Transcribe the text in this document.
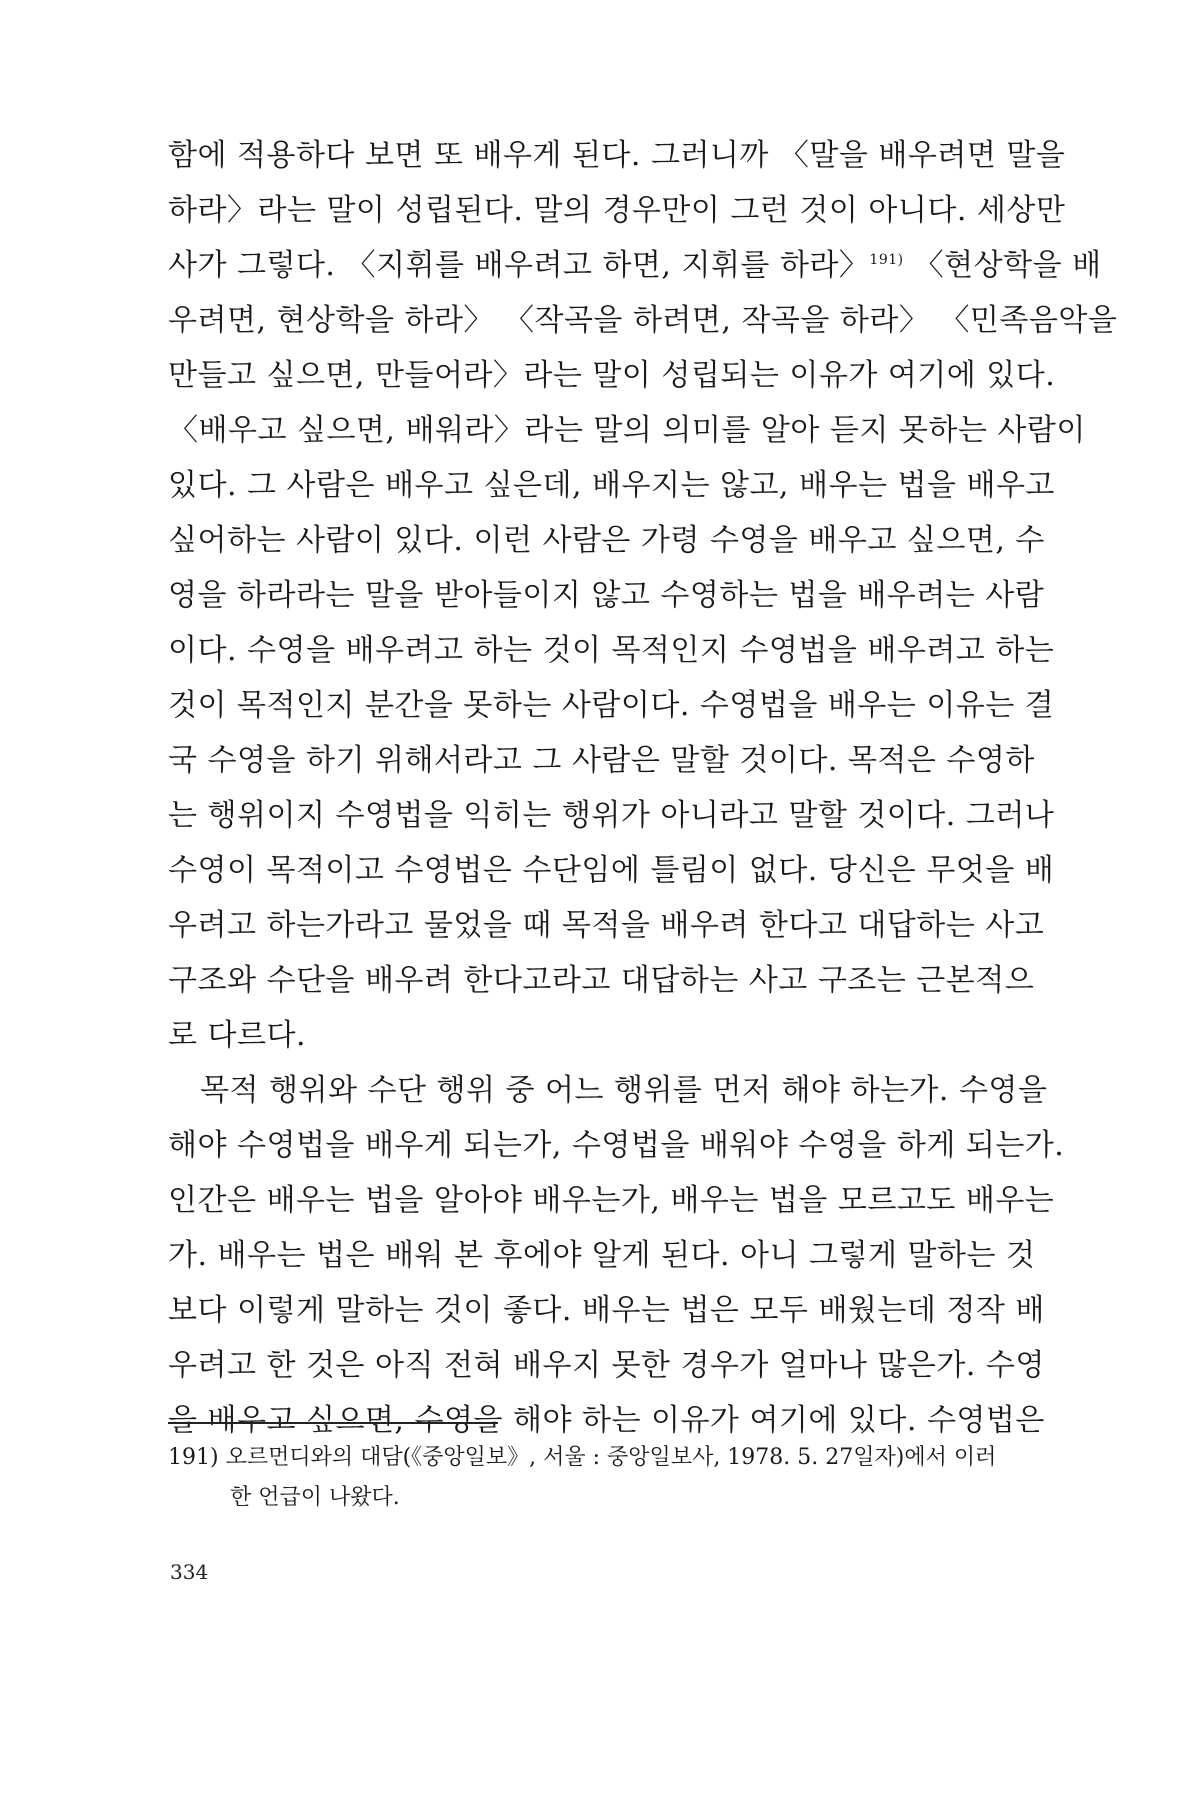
함에 적용하다 보면 또 배우게 된다. 그러니까 〈말을 배우려면 말을
하라〉라는 말이 성립된다. 말의 경우만이 그런 것이 아니다. 세상만
사가 그렇다. 〈지휘를 배우려고 하면, 지휘를 하라〉$^{191)}$ 〈현상학을 배
우려면, 현상학을 하라〉 〈작곡을 하려면, 작곡을 하라〉 〈민족음악을
만들고 싶으면, 만들어라〉라는 말이 성립되는 이유가 여기에 있다.
〈배우고 싶으면, 배워라〉라는 말의 의미를 알아 듣지 못하는 사람이
있다. 그 사람은 배우고 싶은데, 배우지는 않고, 배우는 법을 배우고
싶어하는 사람이 있다. 이런 사람은 가령 수영을 배우고 싶으면, 수
영을 하라라는 말을 받아들이지 않고 수영하는 법을 배우려는 사람
이다. 수영을 배우려고 하는 것이 목적인지 수영법을 배우려고 하는
것이 목적인지 분간을 못하는 사람이다. 수영법을 배우는 이유는 결
국 수영을 하기 위해서라고 그 사람은 말할 것이다. 목적은 수영하
는 행위이지 수영법을 익히는 행위가 아니라고 말할 것이다. 그러나
수영이 목적이고 수영법은 수단임에 틀림이 없다. 당신은 무엇을 배
우려고 하는가라고 물었을 때 목적을 배우려 한다고 대답하는 사고
구조와 수단을 배우려 한다고라고 대답하는 사고 구조는 근본적으
로 다르다.
목적 행위와 수단 행위 중 어느 행위를 먼저 해야 하는가. 수영을
해야 수영법을 배우게 되는가, 수영법을 배워야 수영을 하게 되는가.
인간은 배우는 법을 알아야 배우는가, 배우는 법을 모르고도 배우는
가. 배우는 법은 배워 본 후에야 알게 된다. 아니 그렇게 말하는 것
보다 이렇게 말하는 것이 좋다. 배우는 법은 모두 배웠는데 정작 배
우려고 한 것은 아직 전혀 배우지 못한 경우가 얼마나 많은가. 수영
을 배우고 싶으면, 수영을 해야 하는 이유가 여기에 있다. 수영법은
191) 오르먼디와의 대담(《중앙일보》, 서울 : 중앙일보사, 1978. 5. 27일자)에서 이러
한 언급이 나왔다.
334
